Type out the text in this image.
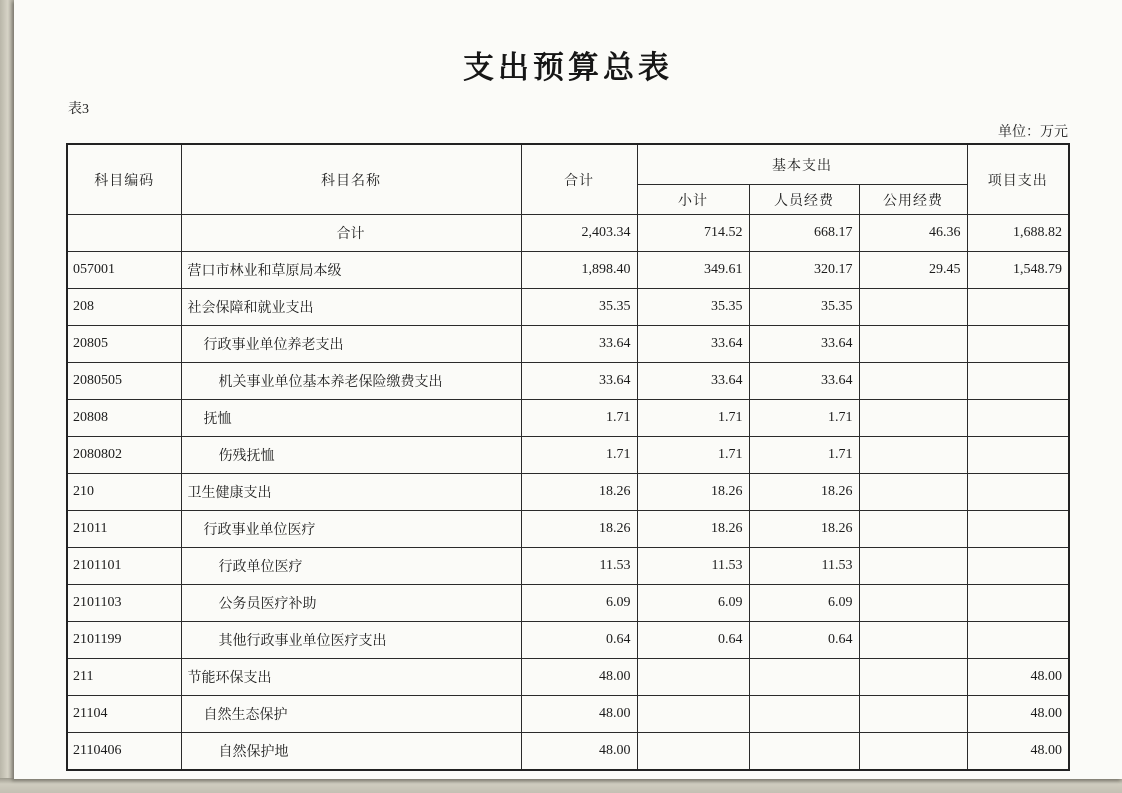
支出预算总表
表3
单位：万元
科目编码	科目名称	合计	基本支出			项目支出
			小计	人员经费	公用经费	
	合计	2,403.34	714.52	668.17	46.36	1,688.82
057001	营口市林业和草原局本级	1,898.40	349.61	320.17	29.45	1,548.79
208	社会保障和就业支出	35.35	35.35	35.35		
20805	行政事业单位养老支出	33.64	33.64	33.64		
2080505	机关事业单位基本养老保险缴费支出	33.64	33.64	33.64		
20808	抚恤	1.71	1.71	1.71		
2080802	伤残抚恤	1.71	1.71	1.71		
210	卫生健康支出	18.26	18.26	18.26		
21011	行政事业单位医疗	18.26	18.26	18.26		
2101101	行政单位医疗	11.53	11.53	11.53		
2101103	公务员医疗补助	6.09	6.09	6.09		
2101199	其他行政事业单位医疗支出	0.64	0.64	0.64		
211	节能环保支出	48.00				48.00
21104	自然生态保护	48.00				48.00
2110406	自然保护地	48.00				48.00
